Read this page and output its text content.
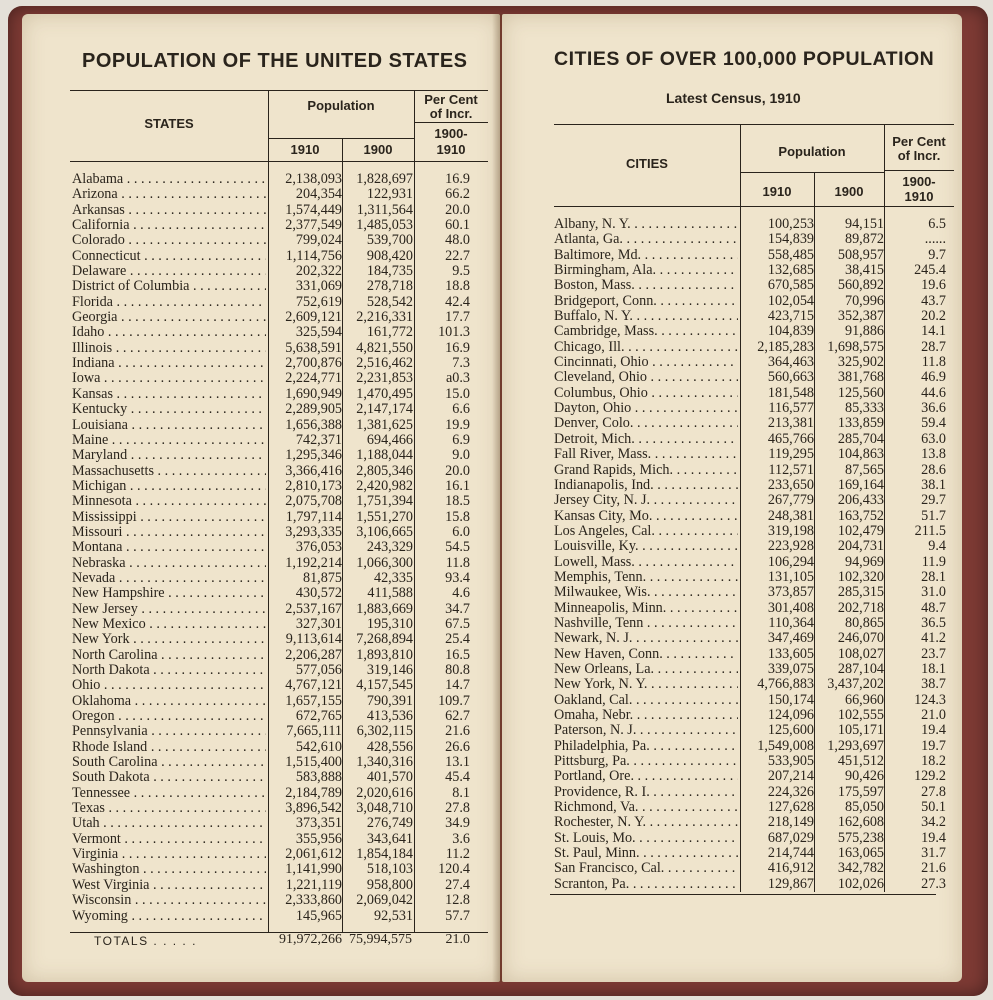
POPULATION OF THE UNITED STATES
STATES
Population
1910	1900
Per Cent
of Incr.
1900-
1910
Alabama . . .	2,138,093	1,828,697	16.9
Arizona . . .	204,354	122,931	66.2
Arkansas . . .	1,574,449	1,311,564	20.0
California . . .	2,377,549	1,485,053	60.1
Colorado . . .	799,024	539,700	48.0
Connecticut . . .	1,114,756	908,420	22.7
Delaware . . .	202,322	184,735	9.5
District of Columbia . . .	331,069	278,718	18.8
Florida . . .	752,619	528,542	42.4
Georgia . . .	2,609,121	2,216,331	17.7
Idaho . . .	325,594	161,772	101.3
Illinois . . .	5,638,591	4,821,550	16.9
Indiana . . .	2,700,876	2,516,462	7.3
Iowa . . .	2,224,771	2,231,853	a0.3
Kansas . . .	1,690,949	1,470,495	15.0
Kentucky . . .	2,289,905	2,147,174	6.6
Louisiana . . .	1,656,388	1,381,625	19.9
Maine . . .	742,371	694,466	6.9
Maryland . . .	1,295,346	1,188,044	9.0
Massachusetts . . .	3,366,416	2,805,346	20.0
Michigan . . .	2,810,173	2,420,982	16.1
Minnesota . . .	2,075,708	1,751,394	18.5
Mississippi . . .	1,797,114	1,551,270	15.8
Missouri . . .	3,293,335	3,106,665	6.0
Montana . . .	376,053	243,329	54.5
Nebraska . . .	1,192,214	1,066,300	11.8
Nevada . . .	81,875	42,335	93.4
New Hampshire . . .	430,572	411,588	4.6
New Jersey . . .	2,537,167	1,883,669	34.7
New Mexico . . .	327,301	195,310	67.5
New York . . .	9,113,614	7,268,894	25.4
North Carolina . . .	2,206,287	1,893,810	16.5
North Dakota . . .	577,056	319,146	80.8
Ohio . . .	4,767,121	4,157,545	14.7
Oklahoma . . .	1,657,155	790,391	109.7
Oregon . . .	672,765	413,536	62.7
Pennsylvania . . .	7,665,111	6,302,115	21.6
Rhode Island . . .	542,610	428,556	26.6
South Carolina . . .	1,515,400	1,340,316	13.1
South Dakota . . .	583,888	401,570	45.4
Tennessee . . .	2,184,789	2,020,616	8.1
Texas . . .	3,896,542	3,048,710	27.8
Utah . . .	373,351	276,749	34.9
Vermont . . .	355,956	343,641	3.6
Virginia . . .	2,061,612	1,854,184	11.2
Washington . . .	1,141,990	518,103	120.4
West Virginia . . .	1,221,119	958,800	27.4
Wisconsin . . .	2,333,860	2,069,042	12.8
Wyoming . . .	145,965	92,531	57.7
TOTALS . . . . .	91,972,266 75,994,575	21.0
CITIES OF OVER 100,000 POPULATION
Latest Census, 1910
CITIES
Population
1910	1900
Per Cent
of Incr.
1900-
1910
Albany, N. Y. . . .	100,253	94,151	6.5
Atlanta, Ga. . . .	154,839	89,872	......
Baltimore, Md. . . .	558,485	508,957	9.7
Birmingham, Ala. . . .	132,685	38,415	245.4
Boston, Mass. . . .	670,585	560,892	19.6
Bridgeport, Conn. . . .	102,054	70,996	43.7
Buffalo, N. Y. . . .	423,715	352,387	20.2
Cambridge, Mass. . . .	104,839	91,886	14.1
Chicago, Ill. . . .	2,185,283 1,698,575	28.7
Cincinnati, Ohio . . .	364,463	325,902	11.8
Cleveland, Ohio . . .	560,663	381,768	46.9
Columbus, Ohio . . .	181,548	125,560	44.6
Dayton, Ohio . . .	116,577	85,333	36.6
Denver, Colo. . . .	213,381	133,859	59.4
Detroit, Mich. . . .	465,766	285,704	63.0
Fall River, Mass. . . .	119,295	104,863	13.8
Grand Rapids, Mich. . . .	112,571	87,565	28.6
Indianapolis, Ind. . . .	233,650	169,164	38.1
Jersey City, N. J. . . .	267,779	206,433	29.7
Kansas City, Mo. . . .	248,381	163,752	51.7
Los Angeles, Cal. . . .	319,198	102,479	211.5
Louisville, Ky. . . .	223,928	204,731	9.4
Lowell, Mass. . . .	106,294	94,969	11.9
Memphis, Tenn. . . .	131,105	102,320	28.1
Milwaukee, Wis. . . .	373,857	285,315	31.0
Minneapolis, Minn. . . .	301,408	202,718	48.7
Nashville, Tenn . . .	110,364	80,865	36.5
Newark, N. J. . . .	347,469	246,070	41.2
New Haven, Conn. . . .	133,605	108,027	23.7
New Orleans, La. . . .	339,075	287,104	18.1
New York, N. Y. . . .	4,766,883 3,437,202	38.7
Oakland, Cal. . . .	150,174	66,960	124.3
Omaha, Nebr. . . .	124,096	102,555	21.0
Paterson, N. J. . . .	125,600	105,171	19.4
Philadelphia, Pa. . . .	1,549,008 1,293,697	19.7
Pittsburg, Pa. . . .	533,905	451,512	18.2
Portland, Ore. . . .	207,214	90,426	129.2
Providence, R. I. . . .	224,326	175,597	27.8
Richmond, Va. . . .	127,628	85,050	50.1
Rochester, N. Y. . . .	218,149	162,608	34.2
St. Louis, Mo. . . .	687,029	575,238	19.4
St. Paul, Minn. . . .	214,744	163,065	31.7
San Francisco, Cal. . . .	416,912	342,782	21.6
Scranton, Pa. . . .	129,867	102,026	27.3
